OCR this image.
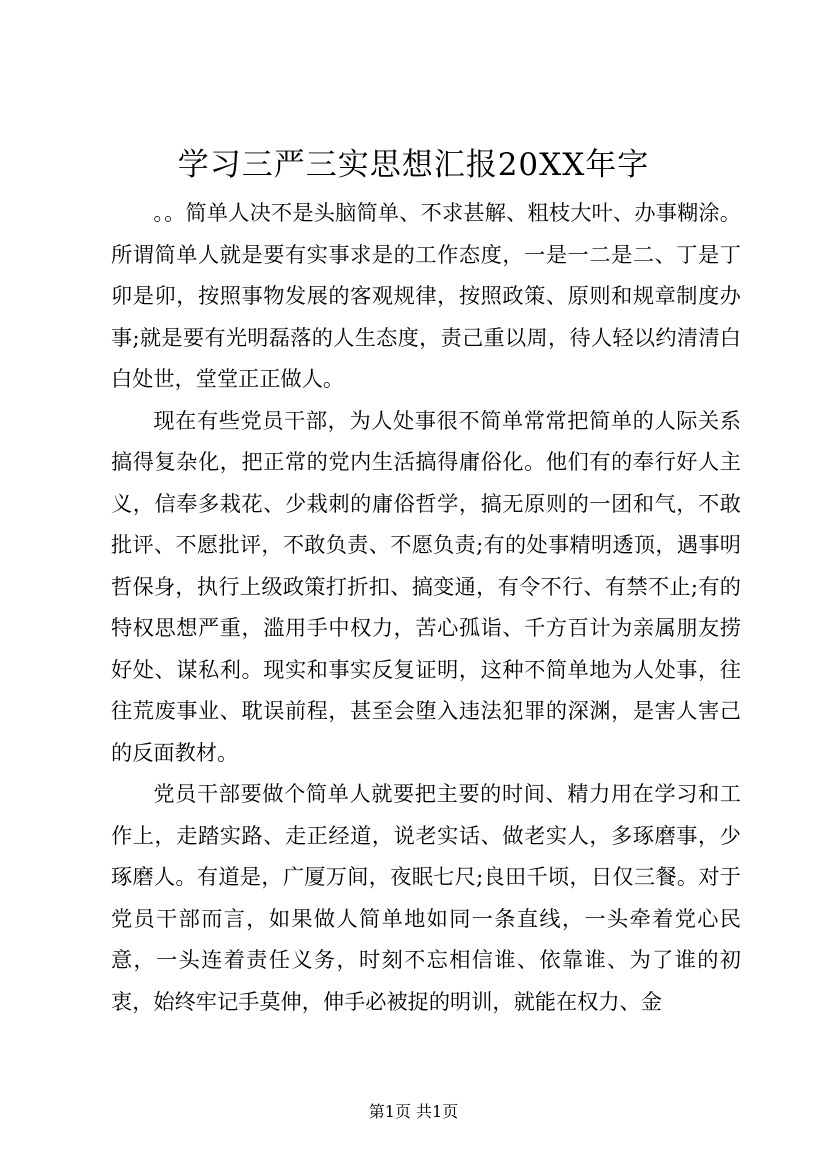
学习三严三实思想汇报20XX年字

。。简单人决不是头脑简单、不求甚解、粗枝大叶、办事糊涂。所谓简单人就是要有实事求是的工作态度，一是一二是二、丁是丁卯是卯，按照事物发展的客观规律，按照政策、原则和规章制度办事;就是要有光明磊落的人生态度，责己重以周，待人轻以约清清白白处世，堂堂正正做人。

现在有些党员干部，为人处事很不简单常常把简单的人际关系搞得复杂化，把正常的党内生活搞得庸俗化。他们有的奉行好人主义，信奉多栽花、少栽刺的庸俗哲学，搞无原则的一团和气，不敢批评、不愿批评，不敢负责、不愿负责;有的处事精明透顶，遇事明哲保身，执行上级政策打折扣、搞变通，有令不行、有禁不止;有的特权思想严重，滥用手中权力，苦心孤诣、千方百计为亲属朋友捞好处、谋私利。现实和事实反复证明，这种不简单地为人处事，往往荒废事业、耽误前程，甚至会堕入违法犯罪的深渊，是害人害己的反面教材。

党员干部要做个简单人就要把主要的时间、精力用在学习和工作上，走踏实路、走正经道，说老实话、做老实人，多琢磨事，少琢磨人。有道是，广厦万间，夜眠七尺;良田千顷，日仅三餐。对于党员干部而言，如果做人简单地如同一条直线，一头牵着党心民意，一头连着责任义务，时刻不忘相信谁、依靠谁、为了谁的初衷，始终牢记手莫伸，伸手必被捉的明训，就能在权力、金

第1页 共1页
